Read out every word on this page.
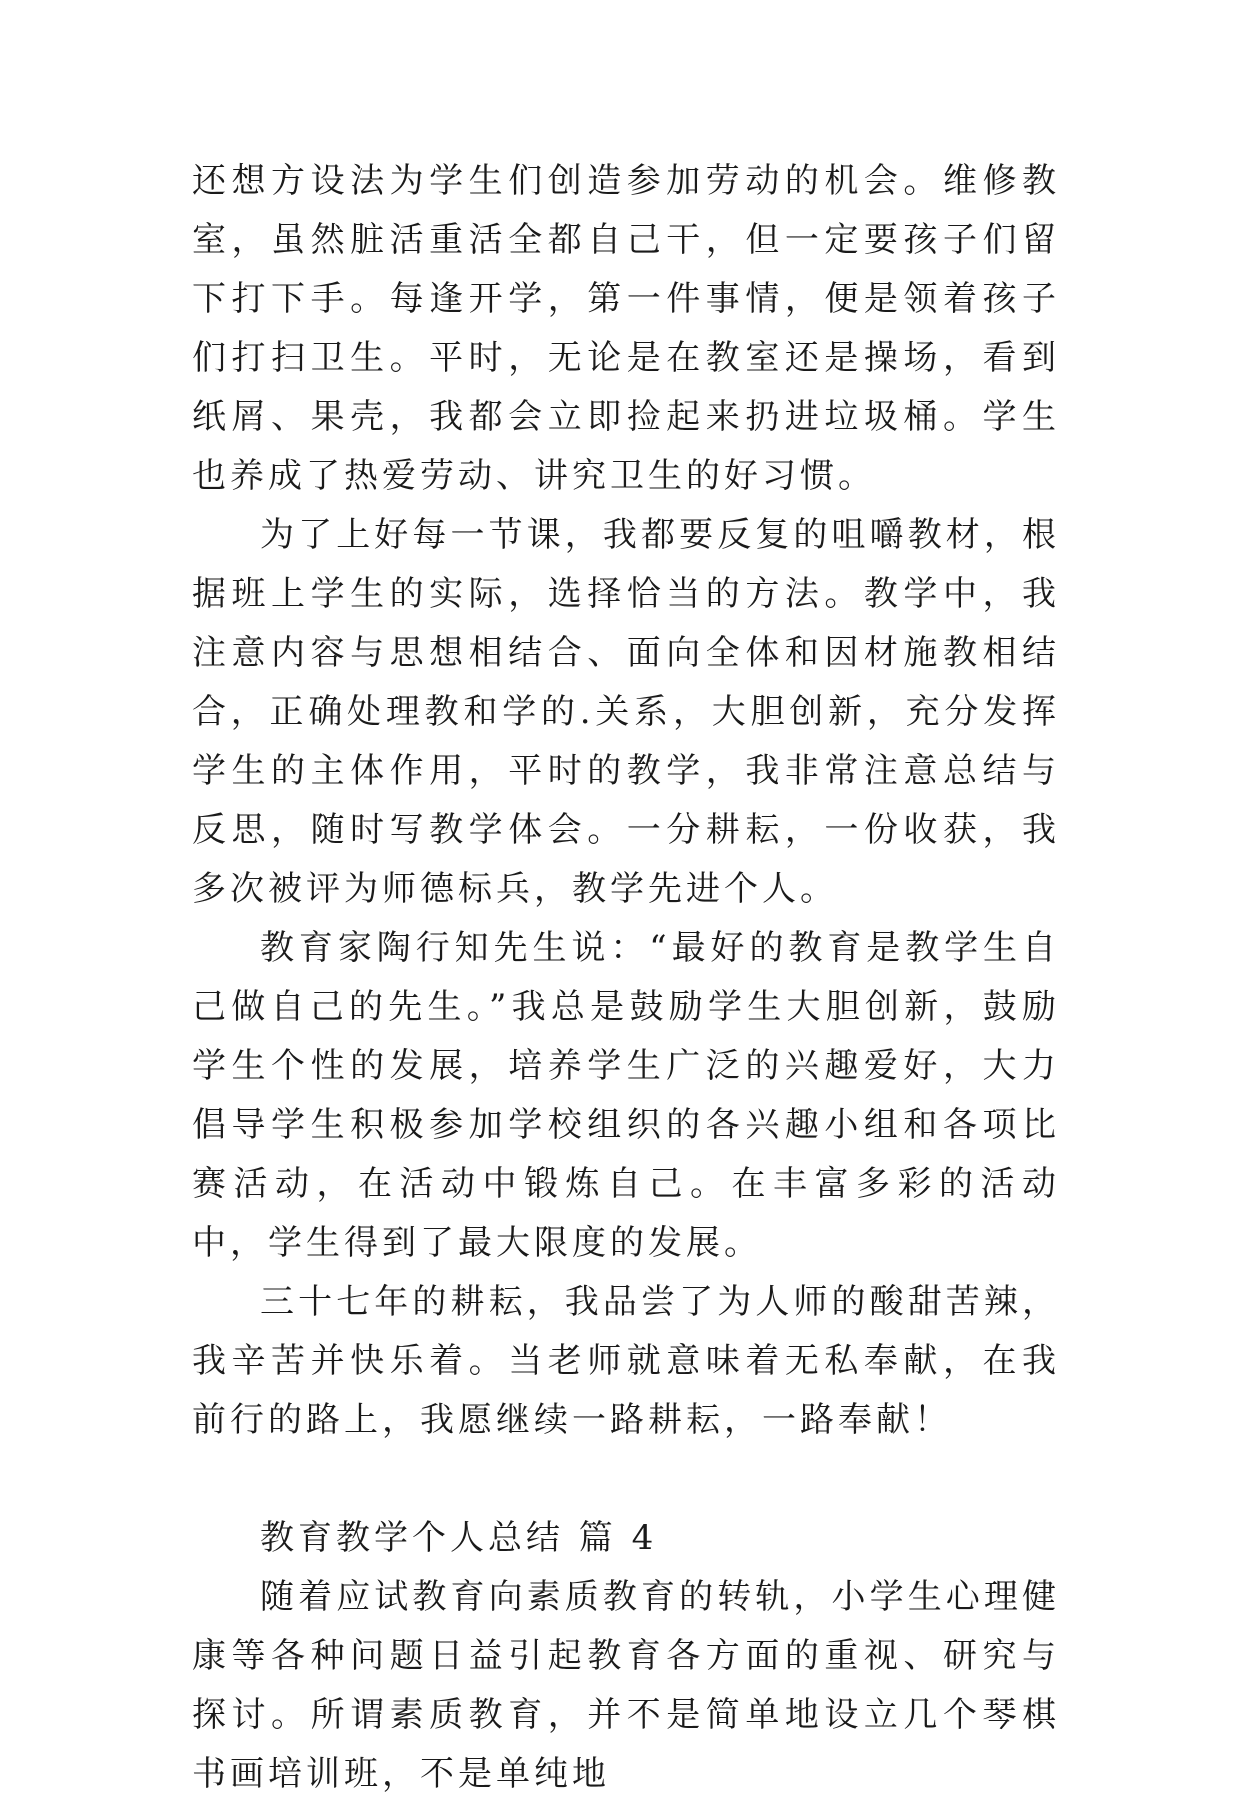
还想方设法为学生们创造参加劳动的机会。维修教室，虽然脏活重活全都自己干，但一定要孩子们留下打下手。每逢开学，第一件事情，便是领着孩子们打扫卫生。平时，无论是在教室还是操场，看到纸屑、果壳，我都会立即捡起来扔进垃圾桶。学生也养成了热爱劳动、讲究卫生的好习惯。

为了上好每一节课，我都要反复的咀嚼教材，根据班上学生的实际，选择恰当的方法。教学中，我注意内容与思想相结合、面向全体和因材施教相结合，正确处理教和学的.关系，大胆创新，充分发挥学生的主体作用，平时的教学，我非常注意总结与反思，随时写教学体会。一分耕耘，一份收获，我多次被评为师德标兵，教学先进个人。

教育家陶行知先生说：“最好的教育是教学生自己做自己的先生。”我总是鼓励学生大胆创新，鼓励学生个性的发展，培养学生广泛的兴趣爱好，大力倡导学生积极参加学校组织的各兴趣小组和各项比赛活动，在活动中锻炼自己。在丰富多彩的活动中，学生得到了最大限度的发展。

三十七年的耕耘，我品尝了为人师的酸甜苦辣，我辛苦并快乐着。当老师就意味着无私奉献，在我前行的路上，我愿继续一路耕耘，一路奉献！

教育教学个人总结 篇 4

随着应试教育向素质教育的转轨，小学生心理健康等各种问题日益引起教育各方面的重视、研究与探讨。所谓素质教育，并不是简单地设立几个琴棋书画培训班，不是单纯地
